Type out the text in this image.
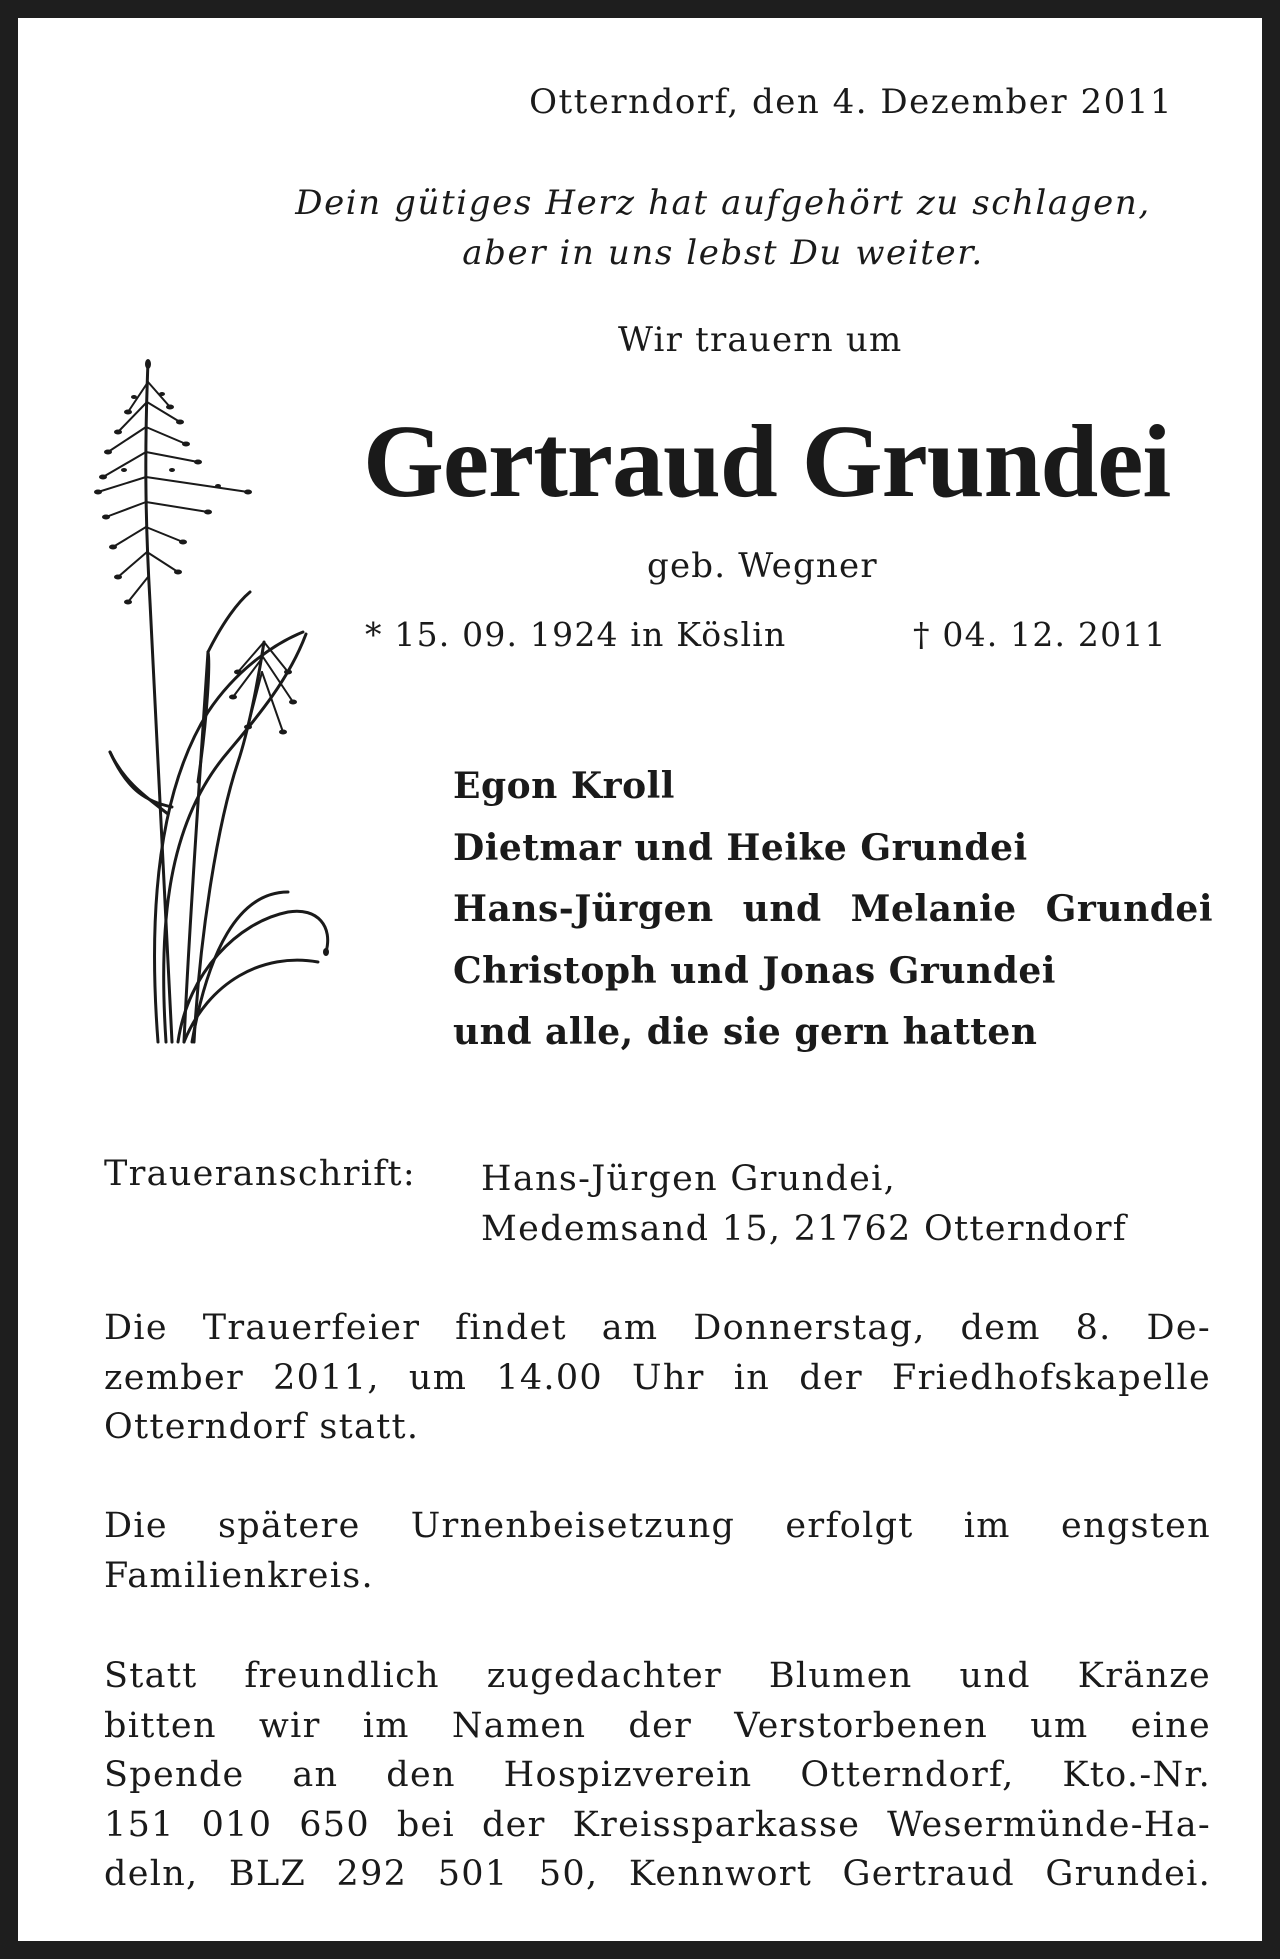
Otterndorf, den 4. Dezember 2011

Dein gütiges Herz hat aufgehört zu schlagen,
aber in uns lebst Du weiter.

Wir trauern um

Gertraud Grundei

geb. Wegner

* 15. 09. 1924 in Köslin	† 04. 12. 2011

Egon Kroll
Dietmar und Heike Grundei
Hans-Jürgen und Melanie Grundei
Christoph und Jonas Grundei
und alle, die sie gern hatten

Traueranschrift: Hans-Jürgen Grundei,
Medemsand 15, 21762 Otterndorf

Die Trauerfeier findet am Donnerstag, dem 8. De-
zember 2011, um 14.00 Uhr in der Friedhofskapelle
Otterndorf statt.
Die spätere Urnenbeisetzung erfolgt im engsten
Familienkreis.
Statt freundlich zugedachter Blumen und Kränze
bitten wir im Namen der Verstorbenen um eine
Spende an den Hospizverein Otterndorf, Kto.-Nr.
151 010 650 bei der Kreissparkasse Wesermünde-Ha-
deln, BLZ 292 501 50, Kennwort Gertraud Grundei.
